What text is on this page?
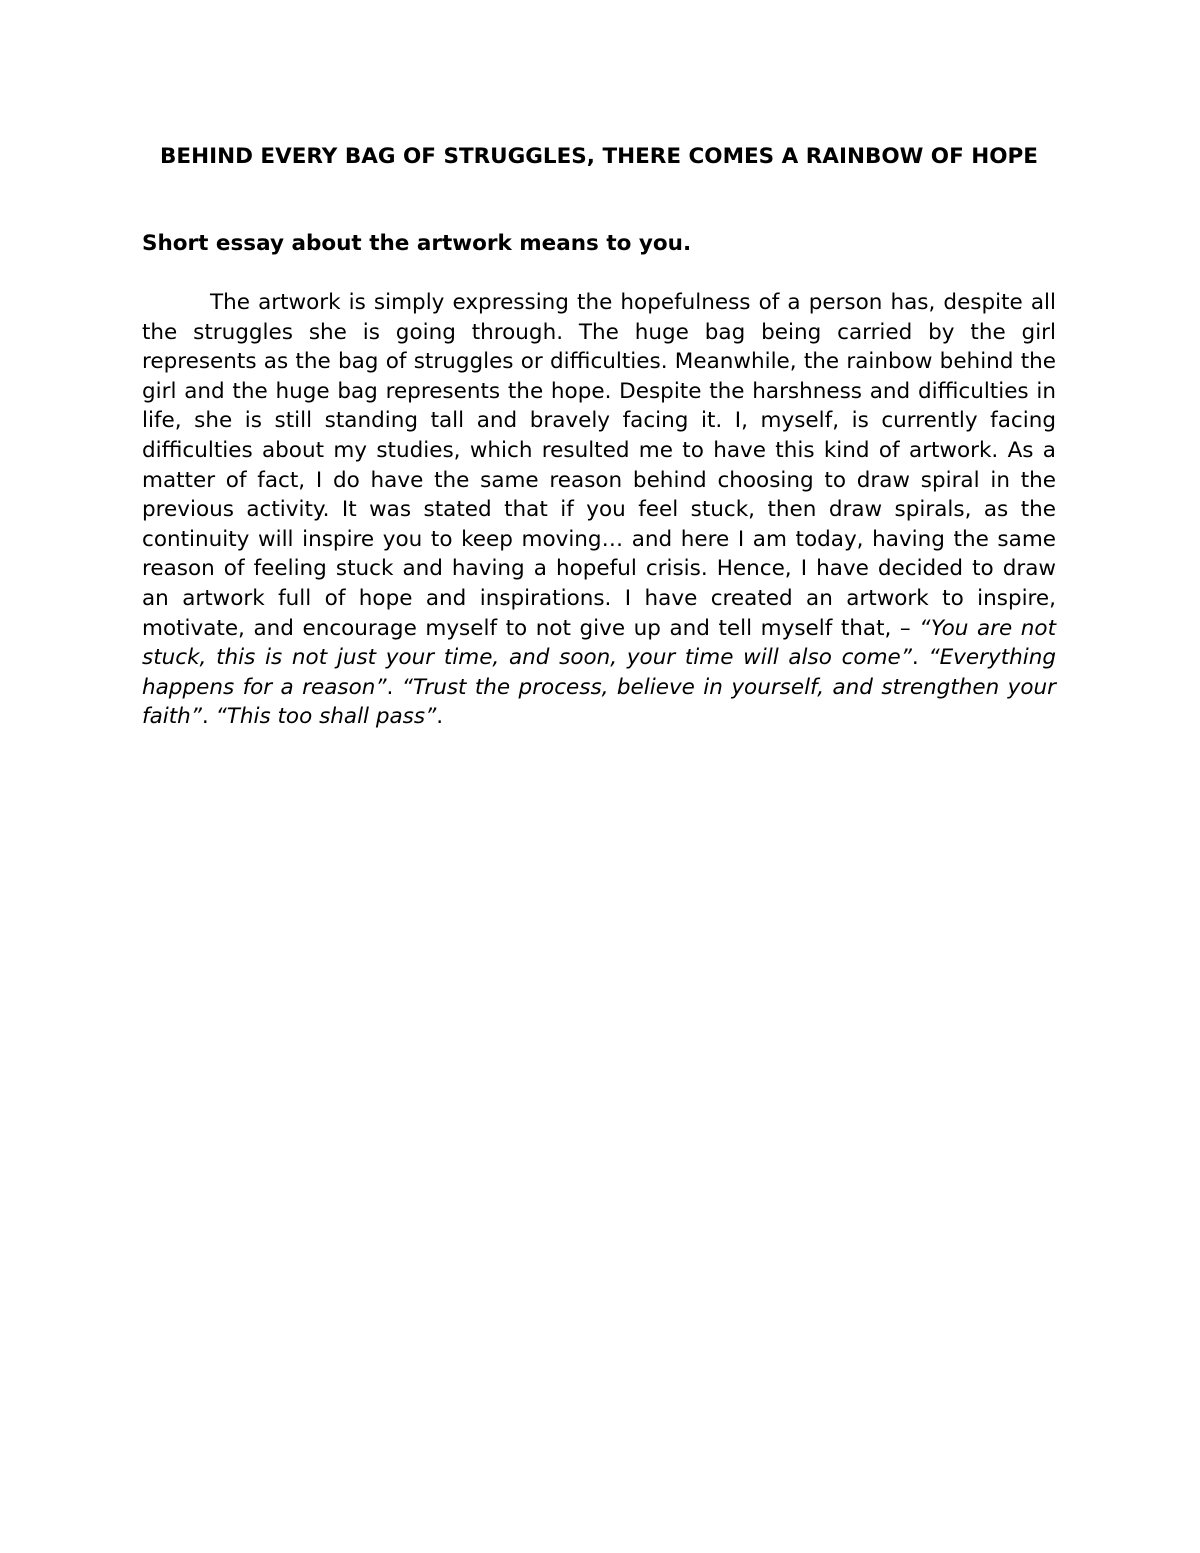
BEHIND EVERY BAG OF STRUGGLES, THERE COMES A RAINBOW OF HOPE

Short essay about the artwork means to you.

The artwork is simply expressing the hopefulness of a person has, despite all the struggles she is going through. The huge bag being carried by the girl represents as the bag of struggles or difficulties. Meanwhile, the rainbow behind the girl and the huge bag represents the hope. Despite the harshness and difficulties in life, she is still standing tall and bravely facing it. I, myself, is currently facing difficulties about my studies, which resulted me to have this kind of artwork. As a matter of fact, I do have the same reason behind choosing to draw spiral in the previous activity. It was stated that if you feel stuck, then draw spirals, as the continuity will inspire you to keep moving… and here I am today, having the same reason of feeling stuck and having a hopeful crisis. Hence, I have decided to draw an artwork full of hope and inspirations. I have created an artwork to inspire, motivate, and encourage myself to not give up and tell myself that, – “You are not stuck, this is not just your time, and soon, your time will also come”. “Everything happens for a reason”. “Trust the process, believe in yourself, and strengthen your faith”. “This too shall pass”.
